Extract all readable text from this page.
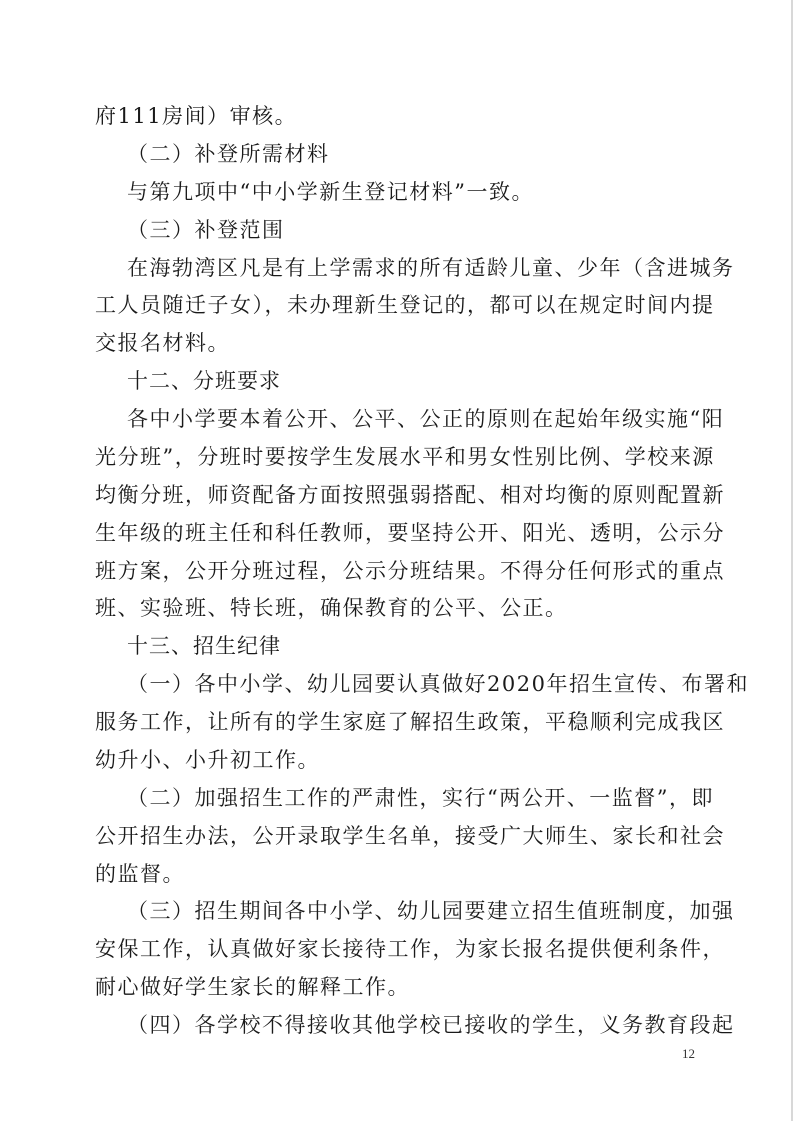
府111房间）审核。
（二）补登所需材料
与第九项中“中小学新生登记材料”一致。
（三）补登范围
在海勃湾区凡是有上学需求的所有适龄儿童、少年（含进城务
工人员随迁子女），未办理新生登记的，都可以在规定时间内提
交报名材料。
十二、分班要求
各中小学要本着公开、公平、公正的原则在起始年级实施“阳
光分班”，分班时要按学生发展水平和男女性别比例、学校来源
均衡分班，师资配备方面按照强弱搭配、相对均衡的原则配置新
生年级的班主任和科任教师，要坚持公开、阳光、透明，公示分
班方案，公开分班过程，公示分班结果。不得分任何形式的重点
班、实验班、特长班，确保教育的公平、公正。
十三、招生纪律
（一）各中小学、幼儿园要认真做好2020年招生宣传、布署和
服务工作，让所有的学生家庭了解招生政策，平稳顺利完成我区
幼升小、小升初工作。
（二）加强招生工作的严肃性，实行“两公开、一监督”，即
公开招生办法，公开录取学生名单，接受广大师生、家长和社会
的监督。
（三）招生期间各中小学、幼儿园要建立招生值班制度，加强
安保工作，认真做好家长接待工作，为家长报名提供便利条件，
耐心做好学生家长的解释工作。
（四）各学校不得接收其他学校已接收的学生，义务教育段起
12
